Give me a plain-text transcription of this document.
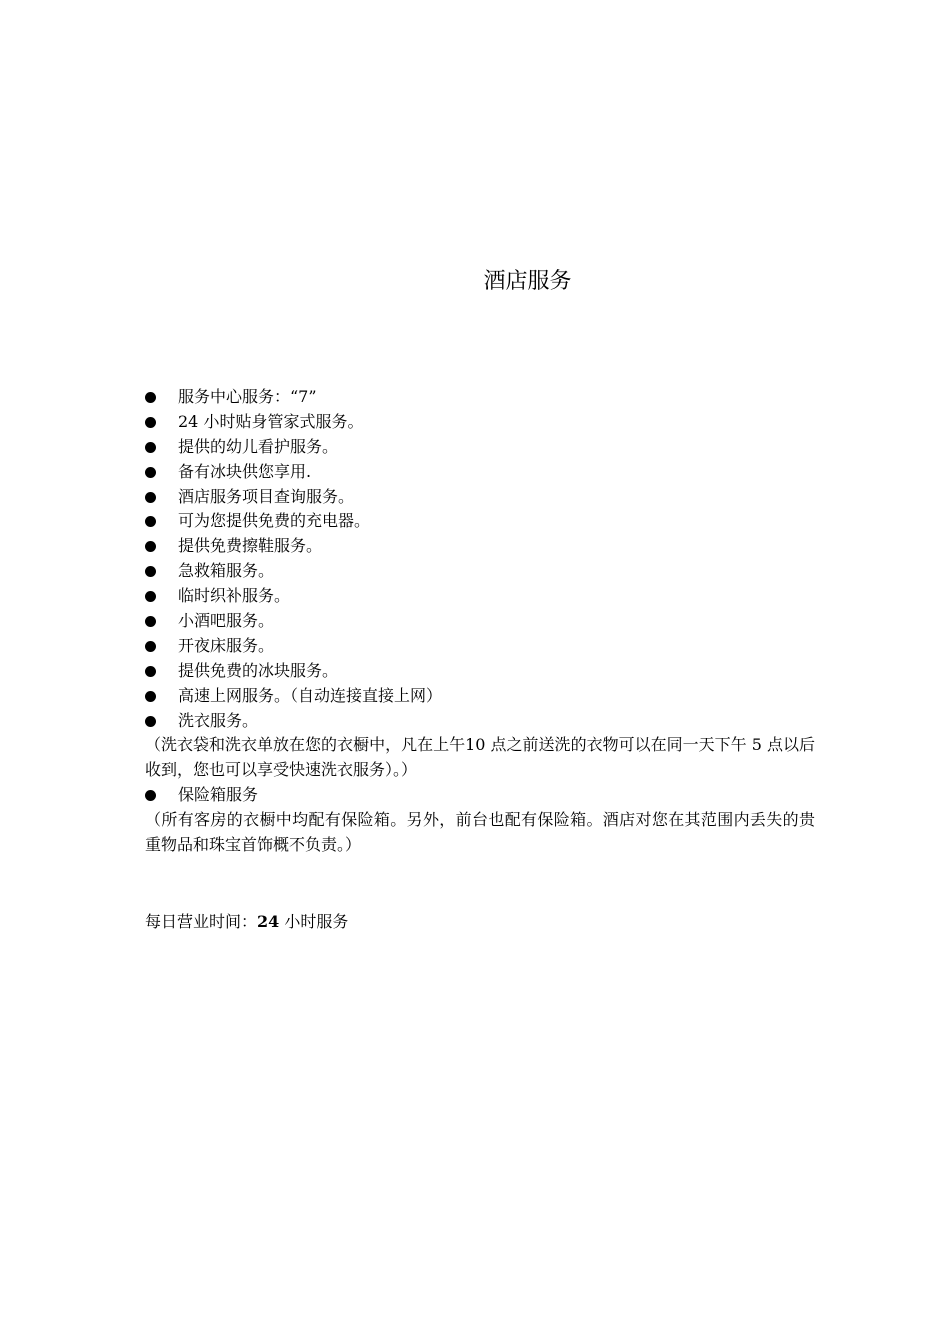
酒店服务
服务中心服务：“7”
24 小时贴身管家式服务。
提供的幼儿看护服务。
备有冰块供您享用.
酒店服务项目查询服务。
可为您提供免费的充电器。
提供免费擦鞋服务。
急救箱服务。
临时织补服务。
小酒吧服务。
开夜床服务。
提供免费的冰块服务。
高速上网服务。（自动连接直接上网）
洗衣服务。

（洗衣袋和洗衣单放在您的衣橱中，凡在上午10 点之前送洗的衣物可以在同一天下午 5 点以后收到，您也可以享受快速洗衣服务）。）

保险箱服务

（所有客房的衣橱中均配有保险箱。另外，前台也配有保险箱。酒店对您在其范围内丢失的贵重物品和珠宝首饰概不负责。）

每日营业时间：24 小时服务
